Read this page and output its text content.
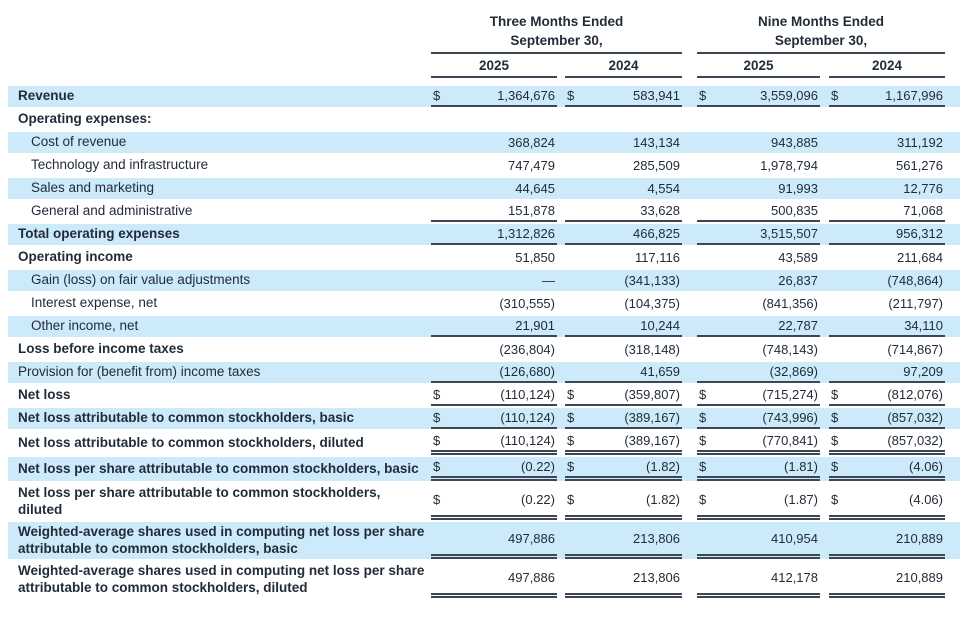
Three Months Ended
September 30,
Nine Months Ended
September 30,
2025	2024	2025	2024
Revenue	$	1,364,676 $	583,941 $	3,559,096 $	1,167,996
Operating expenses:
Cost of revenue	368,824	143,134	943,885	311,192
Technology and infrastructure	747,479	285,509	1,978,794	561,276
Sales and marketing	44,645	4,554	91,993	12,776
General and administrative	151,878	33,628	500,835	71,068
Total operating expenses	1,312,826	466,825	3,515,507	956,312
Operating income	51,850	117,116	43,589	211,684
Gain (loss) on fair value adjustments	—	(341,133)	26,837	(748,864)
Interest expense, net	(310,555)	(104,375)	(841,356)	(211,797)
Other income, net	21,901	10,244	22,787	34,110
Loss before income taxes	(236,804)	(318,148)	(748,143)	(714,867)
Provision for (benefit from) income taxes	(126,680)	41,659	(32,869)	97,209
Net loss	$	(110,124) $	(359,807) $	(715,274) $	(812,076)
Net loss attributable to common stockholders, basic	$	(110,124) $	(389,167) $	(743,996) $	(857,032)
Net loss attributable to common stockholders, diluted	$	(110,124) $	(389,167) $	(770,841) $	(857,032)
Net loss per share attributable to common stockholders, basic	$	(0.22) $	(1.82) $	(1.81) $	(4.06)
Net loss per share attributable to common stockholders, diluted
$	(0.22) $	(1.82) $	(1.87) $	(4.06)
Weighted-average shares used in computing net loss per share attributable to common stockholders, basic
497,886	213,806	410,954	210,889
Weighted-average shares used in computing net loss per share attributable to common stockholders, diluted
497,886	213,806	412,178	210,889
